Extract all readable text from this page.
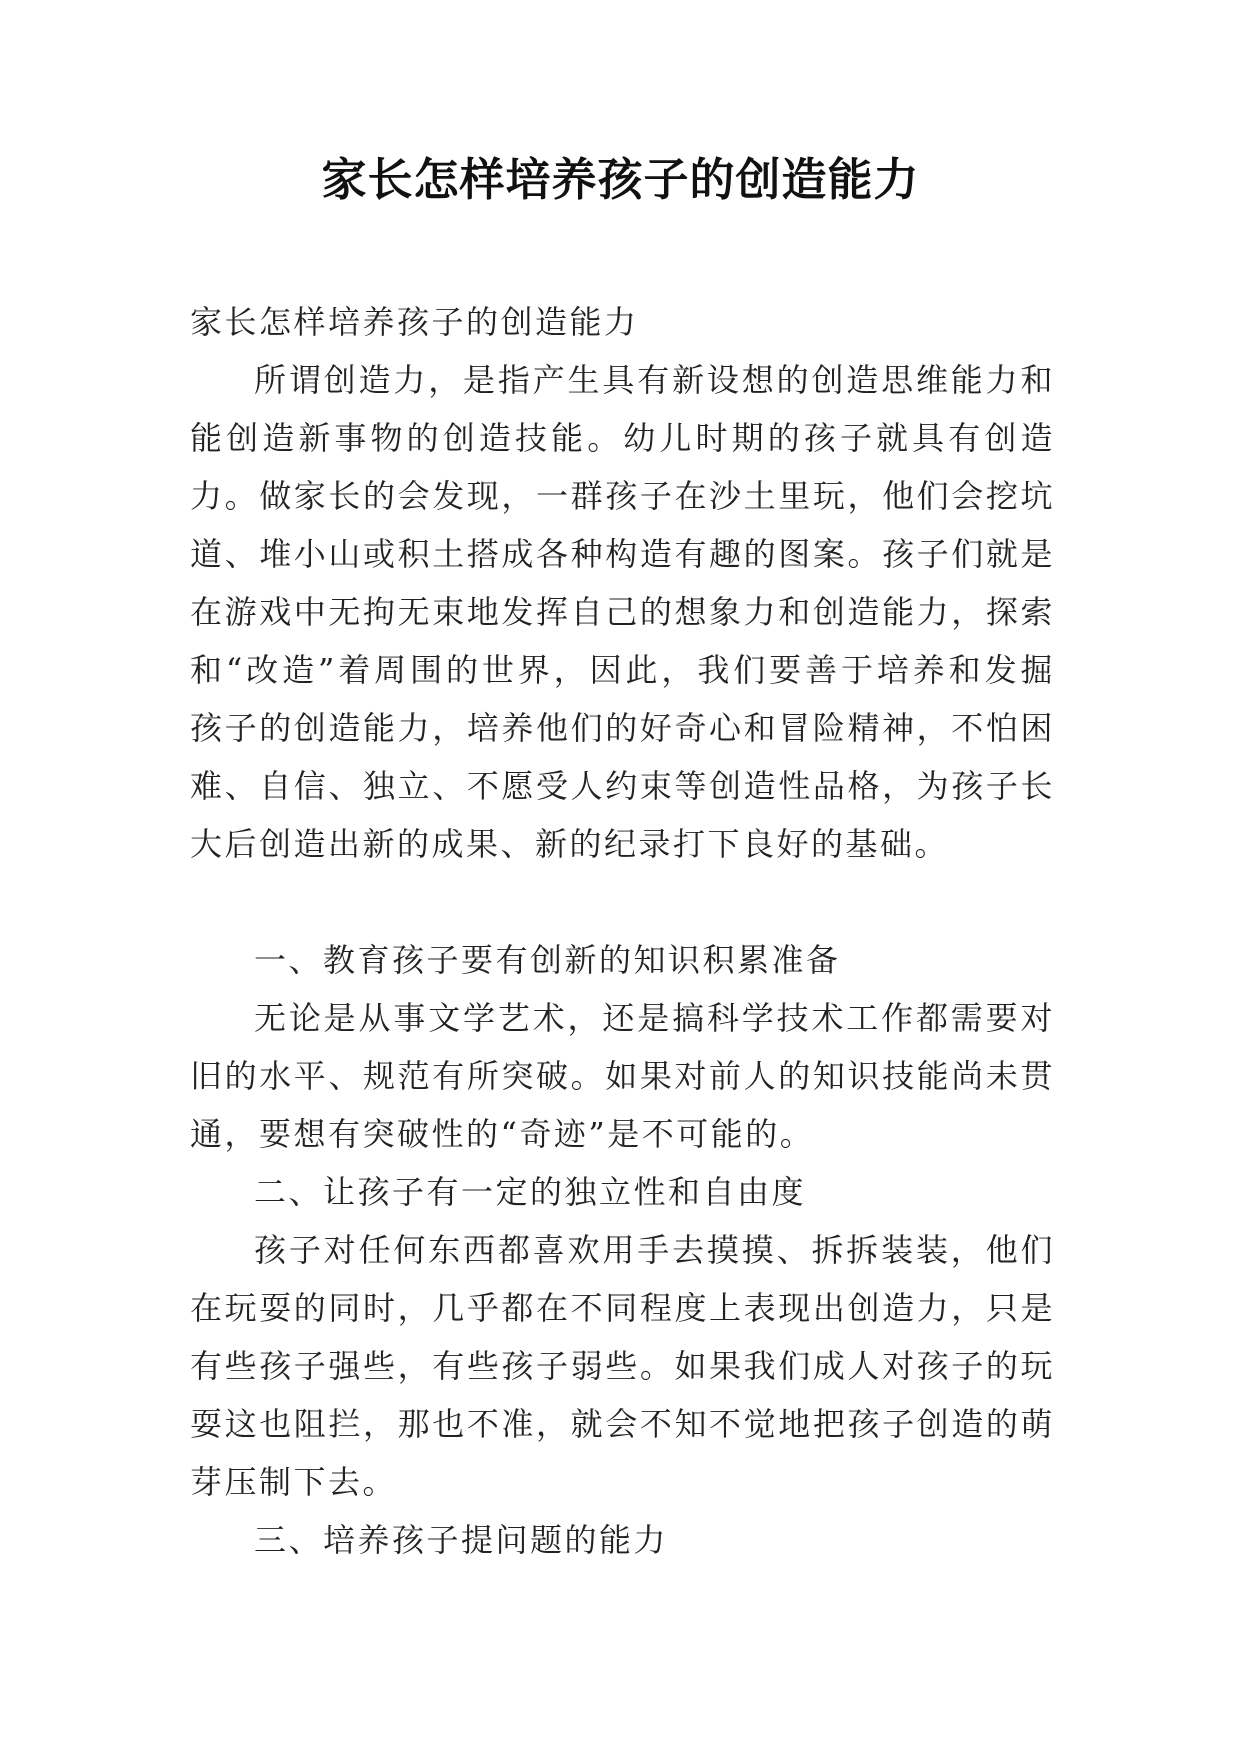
家长怎样培养孩子的创造能力

家长怎样培养孩子的创造能力

所谓创造力，是指产生具有新设想的创造思维能力和能创造新事物的创造技能。幼儿时期的孩子就具有创造力。做家长的会发现，一群孩子在沙土里玩，他们会挖坑道、堆小山或积土搭成各种构造有趣的图案。孩子们就是在游戏中无拘无束地发挥自己的想象力和创造能力，探索和“改造”着周围的世界，因此，我们要善于培养和发掘孩子的创造能力，培养他们的好奇心和冒险精神，不怕困难、自信、独立、不愿受人约束等创造性品格，为孩子长大后创造出新的成果、新的纪录打下良好的基础。

一、教育孩子要有创新的知识积累准备

无论是从事文学艺术，还是搞科学技术工作都需要对旧的水平、规范有所突破。如果对前人的知识技能尚未贯通，要想有突破性的“奇迹”是不可能的。

二、让孩子有一定的独立性和自由度

孩子对任何东西都喜欢用手去摸摸、拆拆装装，他们在玩耍的同时，几乎都在不同程度上表现出创造力，只是有些孩子强些，有些孩子弱些。如果我们成人对孩子的玩耍这也阻拦，那也不准，就会不知不觉地把孩子创造的萌芽压制下去。

三、培养孩子提问题的能力
